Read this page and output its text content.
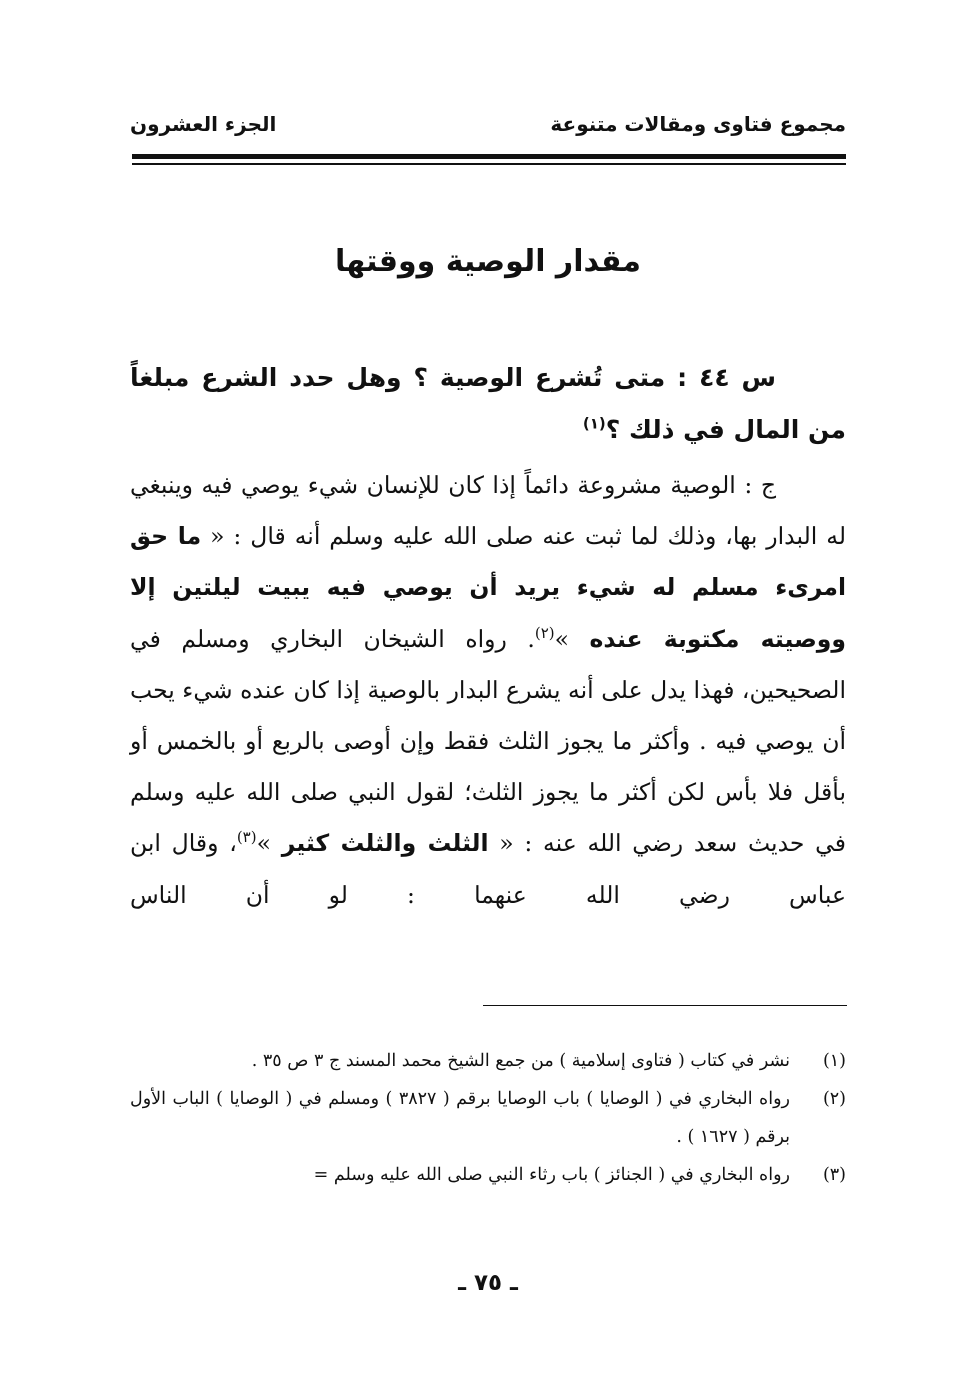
مجموع فتاوى ومقالات متنوعة
الجزء العشرون
مقدار الوصية ووقتها
س ٤٤ : متى تُشرع الوصية ؟ وهل حدد الشرع مبلغاً من المال في ذلك ؟$^{(١)}$
ج : الوصية مشروعة دائماً إذا كان للإنسان شيء يوصي فيه وينبغي له البدار بها، وذلك لما ثبت عنه صلى الله عليه وسلم أنه قال : « ما حق امرىء مسلم له شيء يريد أن يوصي فيه يبيت ليلتين إلا ووصيته مكتوبة عنده »$^{(٢)}$. رواه الشيخان البخاري ومسلم في الصحيحين، فهذا يدل على أنه يشرع البدار بالوصية إذا كان عنده شيء يحب أن يوصي فيه . وأكثر ما يجوز الثلث فقط وإن أوصى بالربع أو بالخمس أو بأقل فلا بأس لكن أكثر ما يجوز الثلث؛ لقول النبي صلى الله عليه وسلم في حديث سعد رضي الله عنه : « الثلث والثلث كثير »$^{(٣)}$، وقال ابن عباس رضي الله عنهما : لو أن الناس
(١)
نشر في كتاب ( فتاوى إسلامية ) من جمع الشيخ محمد المسند ج ٣ ص ٣٥ .
(٢)
رواه البخاري في ( الوصايا ) باب الوصايا برقم ( ٣٨٢٧ ) ومسلم في ( الوصايا ) الباب الأول برقم ( ١٦٢٧ ) .
(٣)
رواه البخاري في ( الجنائز ) باب رثاء النبي صلى الله عليه وسلم =
ـ ٧٥ ـ
